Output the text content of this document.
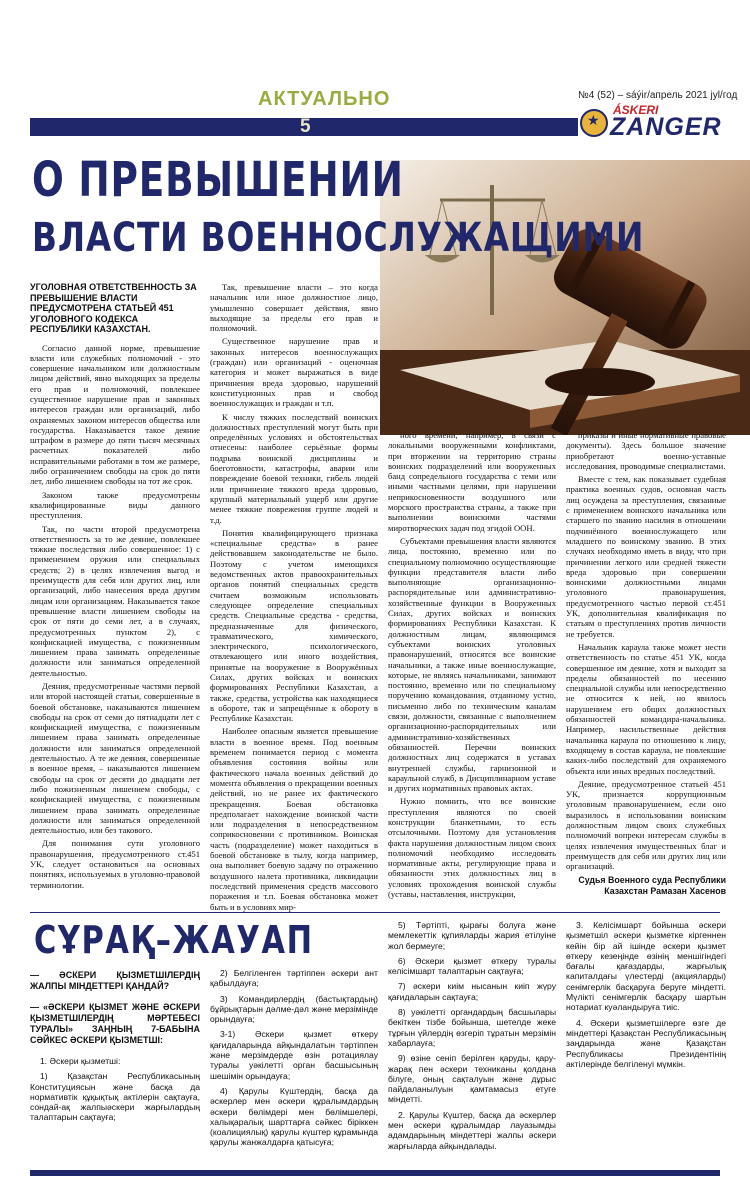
АКТУАЛЬНО	№4 (52) – sáýir/апрель 2021 jyl/год
5	★
ÁSKERI
ZANGER
О ПРЕВЫШЕНИИ
ВЛАСТИ ВОЕННОСЛУЖАЩИМИ
УГОЛОВНАЯ ОТВЕТСТВЕННОСТЬ ЗА ПРЕВЫШЕНИЕ ВЛАСТИ ПРЕДУСМОТРЕНА СТАТЬЕЙ 451 УГОЛОВНОГО КОДЕКСА РЕСПУБЛИКИ КАЗАХСТАН.

Согласно данной норме, превышение власти или служебных полномочий - это совершение начальником или должностным лицом действий, явно выходящих за пределы его прав и полномочий, повлекшее существенное нарушение прав и законных интересов граждан или организаций, либо охраняемых законом интересов общества или государства. Наказывается такое деяние штрафом в размере до пяти тысяч месячных расчетных показателей либо исправительными работами в том же размере, либо ограничением свободы на срок до пяти лет, либо лишением свободы на тот же срок.

Законом также предусмотрены квалифицированные виды данного преступления.

Так, по части второй предусмотрена ответственность за то же деяние, повлекшее тяжкие последствия либо совершенное: 1) с применением оружия или специальных средств; 2) в целях извлечения выгод и преимуществ для себя или других лиц, или организаций, либо нанесения вреда другим лицам или организациям. Наказывается такое превышение власти лишением свободы на срок от пяти до семи лет, а в случаях, предусмотренных пунктом 2), с конфискацией имущества, с пожизненным лишением права занимать определенные должности или заниматься определенной деятельностью.

Деяния, предусмотренные частями первой или второй настоящей статьи, совершенные в боевой обстановке, наказываются лишением свободы на срок от семи до пятнадцати лет с конфискацией имущества, с пожизненным лишением права занимать определенные должности или заниматься определенной деятельностью. А те же деяния, совершенные в военное время, – наказываются лишением свободы на срок от десяти до двадцати лет либо пожизненным лишением свободы, с конфискацией имущества, с пожизненным лишением права занимать определенные должности или заниматься определенной деятельностью, или без такового.

Для понимания сути уголовного правонарушения, предусмотренного ст.451 УК, следует остановиться на основных понятиях, используемых в уголовно-правовой терминологии.

Так, превышение власти – это когда начальник или иное должностное лицо, умышленно совершает действия, явно выходящие за пределы его прав и полномочий.

Существенное нарушение прав и законных интересов военнослужащих (граждан) или организаций - оценочная категория и может выражаться в виде причинения вреда здоровью, нарушений конституционных прав и свобод военнослужащих и граждан и т.п.

К числу тяжких последствий воинских должностных преступлений могут быть при определённых условиях и обстоятельствах отнесены: наиболее серьёзные формы подрыва воинской дисциплины и боеготовности, катастрофы, аварии или повреждение боевой техники, гибель людей или причинение тяжкого вреда здоровью, крупный материальный ущерб или другие менее тяжкие поврежения группе людей и т.д.

Понятия квалифицирующего признака «специальные средства» в ранее действовавшем законодательстве не было. Поэтому с учетом имеющихся ведомственных актов правоохранительных органов понятий специальных средств считаем возможным использовать следующее определение специальных средств. Специальные средства - средства, предназначенные для физического, травматического, химического, электрического, психологического, отвлекающего или иного воздействия, принятые на вооружение в Вооружённых Силах, других войсках и воинских формированиях Республики Казахстан, а также, средства, устройства как находящиеся в обороте, так и запрещённые к обороту в Республике Казахстан.

Наиболее опасным является превышение власти в военное время. Под военным временем понимается период с момента объявления состояния войны или фактического начала военных действий до момента объявления о прекращении военных действий, но не ранее их фактического прекращения. Боевая обстановка предполагает нахождение воинской части или подразделения в непосредственном соприкосновении с противником. Воинская часть (подразделение) может находиться в боевой обстановке в тылу, когда например, она выполняет боевую задачу по отражению воздушного налета противника, ликвидации последствий применения средств массового поражения и т.п. Боевая обстановка может быть и в условиях мир-

ного времени, например, в связи с локальными вооруженными конфликтами, при вторжении на территорию страны воинских подразделений или вооруженных банд сопредельного государства с теми или иными частными целями, при нарушении неприкосновенности воздушного или морского пространства страны, а также при выполнении воинскими частями миротворческих задач под эгидой ООН.

Субъектами превышения власти являются лица, постоянно, временно или по специальному полномочию осуществляющие функции представителя власти либо выполняющие организационно-распорядительные или административно-хозяйственные функции в Вооруженных Силах, других войсках и воинских формированиях Республики Казахстан. К должностным лицам, являющимся субъектами воинских уголовных правонарушений, относятся все воинские начальники, а также иные военнослужащие, которые, не являясь начальниками, занимают постоянно, временно или по специальному поручению командования, отданному устно, письменно либо по техническим каналам связи, должности, связанные с выполнением организационно-распорядительных или административно-хозяйственных обязанностей. Перечни воинских должностных лиц содержатся в уставах внутренней службы, гарнизонной и караульной служб, в Дисциплинарном уставе и других нормативных правовых актах.

Нужно помнить, что все воинские преступления являются по своей конструкции бланкетными, то есть отсылочными. Поэтому для установления факта нарушения должностным лицом своих полномочий необходимо исследовать нормативные акты, регулирующие права и обязанности этих должностных лиц в условиях прохождения воинской службы (уставы, наставления, инструкции,

приказы и иные нормативные правовые документы). Здесь большое значение приобретают военно-уставные исследования, проводимые специалистами.

Вместе с тем, как показывает судебная практика военных судов, основная часть лиц осуждена за преступления, связанные с применением воинского начальника или старшего по званию насилия в отношении подчинённого военнослужащего или младшего по воинскому званию. В этих случаях необходимо иметь в виду, что при причинении легкого или средней тяжести вреда здоровью при совершении воинскими должностными лицами уголовного правонарушения, предусмотренного частью первой ст.451 УК, дополнительная квалификация по статьям о преступлениях против личности не требуется.

Начальник караула также может нести ответственность по статье 451 УК, когда совершенное им деяние, хотя и выходит за пределы обязанностей по несению специальной службы или непосредственно не относится к ней, но явилось нарушением его общих должностных обязанностей командира-начальника. Например, насильственные действия начальника караула по отношению к лицу, входящему в состав караула, не повлекшие каких-либо последствий для охраняемого объекта или иных вредных последствий.

Деяние, предусмотренное статьей 451 УК, признается коррупционным уголовным правонарушением, если оно выразилось в использовании воинским должностным лицом своих служебных полномочий вопреки интересам службы в целях извлечения имущественных благ и преимуществ для себя или других лиц или организаций.

Судья Военного суда Республики
Казахстан Рамазан Хасенов
СҰРАҚ–ЖАУАП
— ӘСКЕРИ ҚЫЗМЕТШІЛЕРДІҢ ЖАЛПЫ МІНДЕТТЕРІ ҚАНДАЙ?
— «ӘСКЕРИ ҚЫЗМЕТ ЖӘНЕ ӘСКЕРИ ҚЫЗМЕТШІЛЕРДІҢ МӘРТЕБЕСІ ТУРАЛЫ» ЗАҢНЫҢ 7-БАБЫНА СӘЙКЕС ӘСКЕРИ ҚЫЗМЕТШІ:

1. Әскери қызметші:

1) Қазақстан Республикасының Конституциясын және басқа да нормативтік құқықтық актілерін сақтауға, сондай-ақ жалпыәскери жарғылардың талаптарын сақтауға;

2) Белгіленген тәртіппен әскери ант қабылдауға;

3) Командирлердің (бастықтардың) бұйрықтарын дәлме-дәл және мерзімінде орындауға;

3-1) Әскери қызмет өткеру қағидаларында айқындалатын тәртіппен және мерзімдерде өзін ротациялау туралы уәкілетті орган басшысының шешімін орындауға;

4) Қарулы Күштердің, басқа да әскерлер мен әскери құралымдардың әскери бөлімдері мен бөлімшелері, халықаралық шарттарға сәйкес біріккен (коалициялық) қарулы күштер құрамында қарулы жанжалдарға қатысуға;

5) Тәртіпті, қырағы болуға және мемлекеттік құпияларды жария етілуіне жол бермеуге;

6) Әскери қызмет өткеру туралы келісімшарт талаптарын сақтауға;

7) әскери киім нысанын киіп жүру қағидаларын сақтауға;

8) уәкілетті органдардың басшылары бекіткен тізбе бойынша, шетелде жеке тұрғын үйлердің өзгеріп тұратын мерзімін хабарлауға;

9) өзіне сеніп берілген қаруды, қару-жарақ пен әскери техниканы қолдана білуге, оның сақталуын және дұрыс пайдаланылуын қамтамасыз етуге міндетті.

2. Қарулы Күштер, басқа да әскерлер мен әскери құралымдар лауазымды адамдарының міндеттері жалпы әскери жарғыларда айқындалады.

3. Келісімшарт бойынша әскери қызметшіл әскери қызметке кіргеннен кейін бір ай ішінде әскери қызмет өткеру кезеңінде өзінің меншігіндегі бағалы қағаздарды, жарғылық капиталдағы үлестерді (акцияларды) сенімгерлік басқаруға беруге міндетті. Мүлікті сенімгерлік басқару шартын нотариат куәландыруға тиіс.

4. Әскери қызметшілерге өзге де міндеттері Қазақстан Республикасының заңдарында және Қазақстан Республикасы Президентінің актілерінде белгіленуі мүмкін.
